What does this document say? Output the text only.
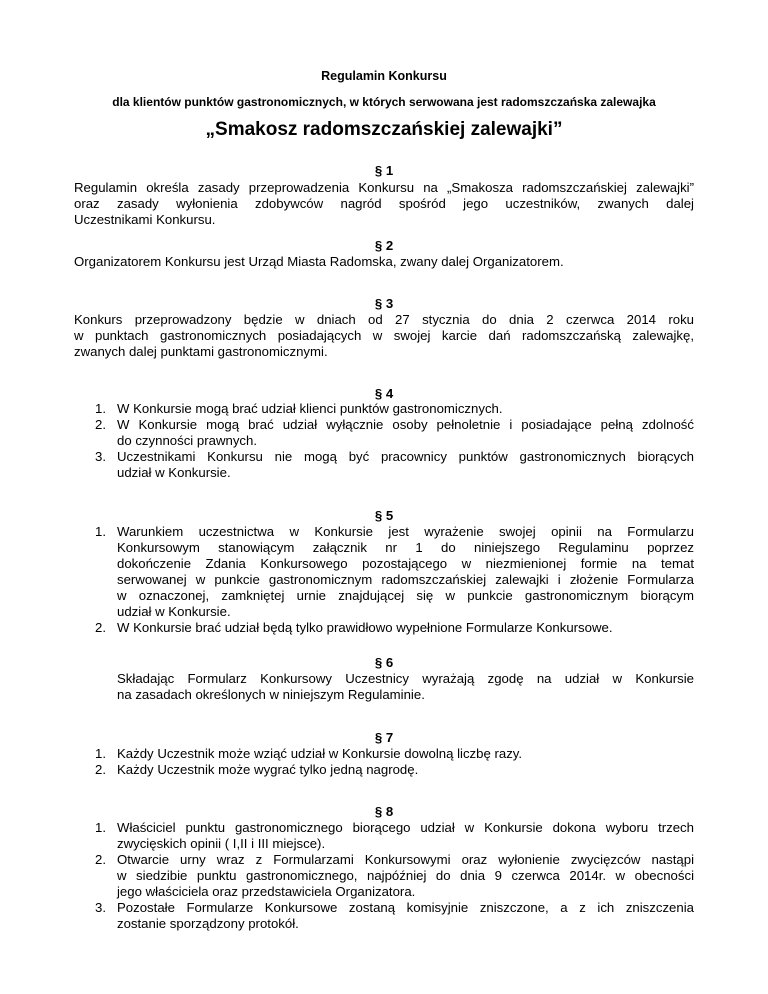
Regulamin Konkursu
dla klientów punktów gastronomicznych, w których serwowana jest radomszczańska zalewajka
„Smakosz radomszczańskiej zalewajki”
§ 1
Regulamin określa zasady przeprowadzenia Konkursu na „Smakosza radomszczańskiej zalewajki”
oraz zasady wyłonienia zdobywców nagród spośród jego uczestników, zwanych dalej
Uczestnikami Konkursu.
§ 2
Organizatorem Konkursu jest Urząd Miasta Radomska, zwany dalej Organizatorem.
§ 3
Konkurs przeprowadzony będzie w dniach od 27 stycznia do dnia 2 czerwca 2014 roku
w punktach gastronomicznych posiadających w swojej karcie dań radomszczańską zalewajkę,
zwanych dalej punktami gastronomicznymi.
§ 4
1. W Konkursie mogą brać udział klienci punktów gastronomicznych.
2. W Konkursie mogą brać udział wyłącznie osoby pełnoletnie i posiadające pełną zdolność
do czynności prawnych.
3. Uczestnikami Konkursu nie mogą być pracownicy punktów gastronomicznych biorących
udział w Konkursie.
§ 5
1. Warunkiem uczestnictwa w Konkursie jest wyrażenie swojej opinii na Formularzu
Konkursowym stanowiącym załącznik nr 1 do niniejszego Regulaminu poprzez
dokończenie Zdania Konkursowego pozostającego w niezmienionej formie na temat
serwowanej w punkcie gastronomicznym radomszczańskiej zalewajki i złożenie Formularza
w oznaczonej, zamkniętej urnie znajdującej się w punkcie gastronomicznym biorącym
udział w Konkursie.
2. W Konkursie brać udział będą tylko prawidłowo wypełnione Formularze Konkursowe.
§ 6
Składając Formularz Konkursowy Uczestnicy wyrażają zgodę na udział w Konkursie
na zasadach określonych w niniejszym Regulaminie.
§ 7
1. Każdy Uczestnik może wziąć udział w Konkursie dowolną liczbę razy.
2. Każdy Uczestnik może wygrać tylko jedną nagrodę.
§ 8
1. Właściciel punktu gastronomicznego biorącego udział w Konkursie dokona wyboru trzech
zwycięskich opinii ( I,II i III miejsce).
2. Otwarcie urny wraz z Formularzami Konkursowymi oraz wyłonienie zwycięzców nastąpi
w siedzibie punktu gastronomicznego, najpóźniej do dnia 9 czerwca 2014r. w obecności
jego właściciela oraz przedstawiciela Organizatora.
3. Pozostałe Formularze Konkursowe zostaną komisyjnie zniszczone, a z ich zniszczenia
zostanie sporządzony protokół.
